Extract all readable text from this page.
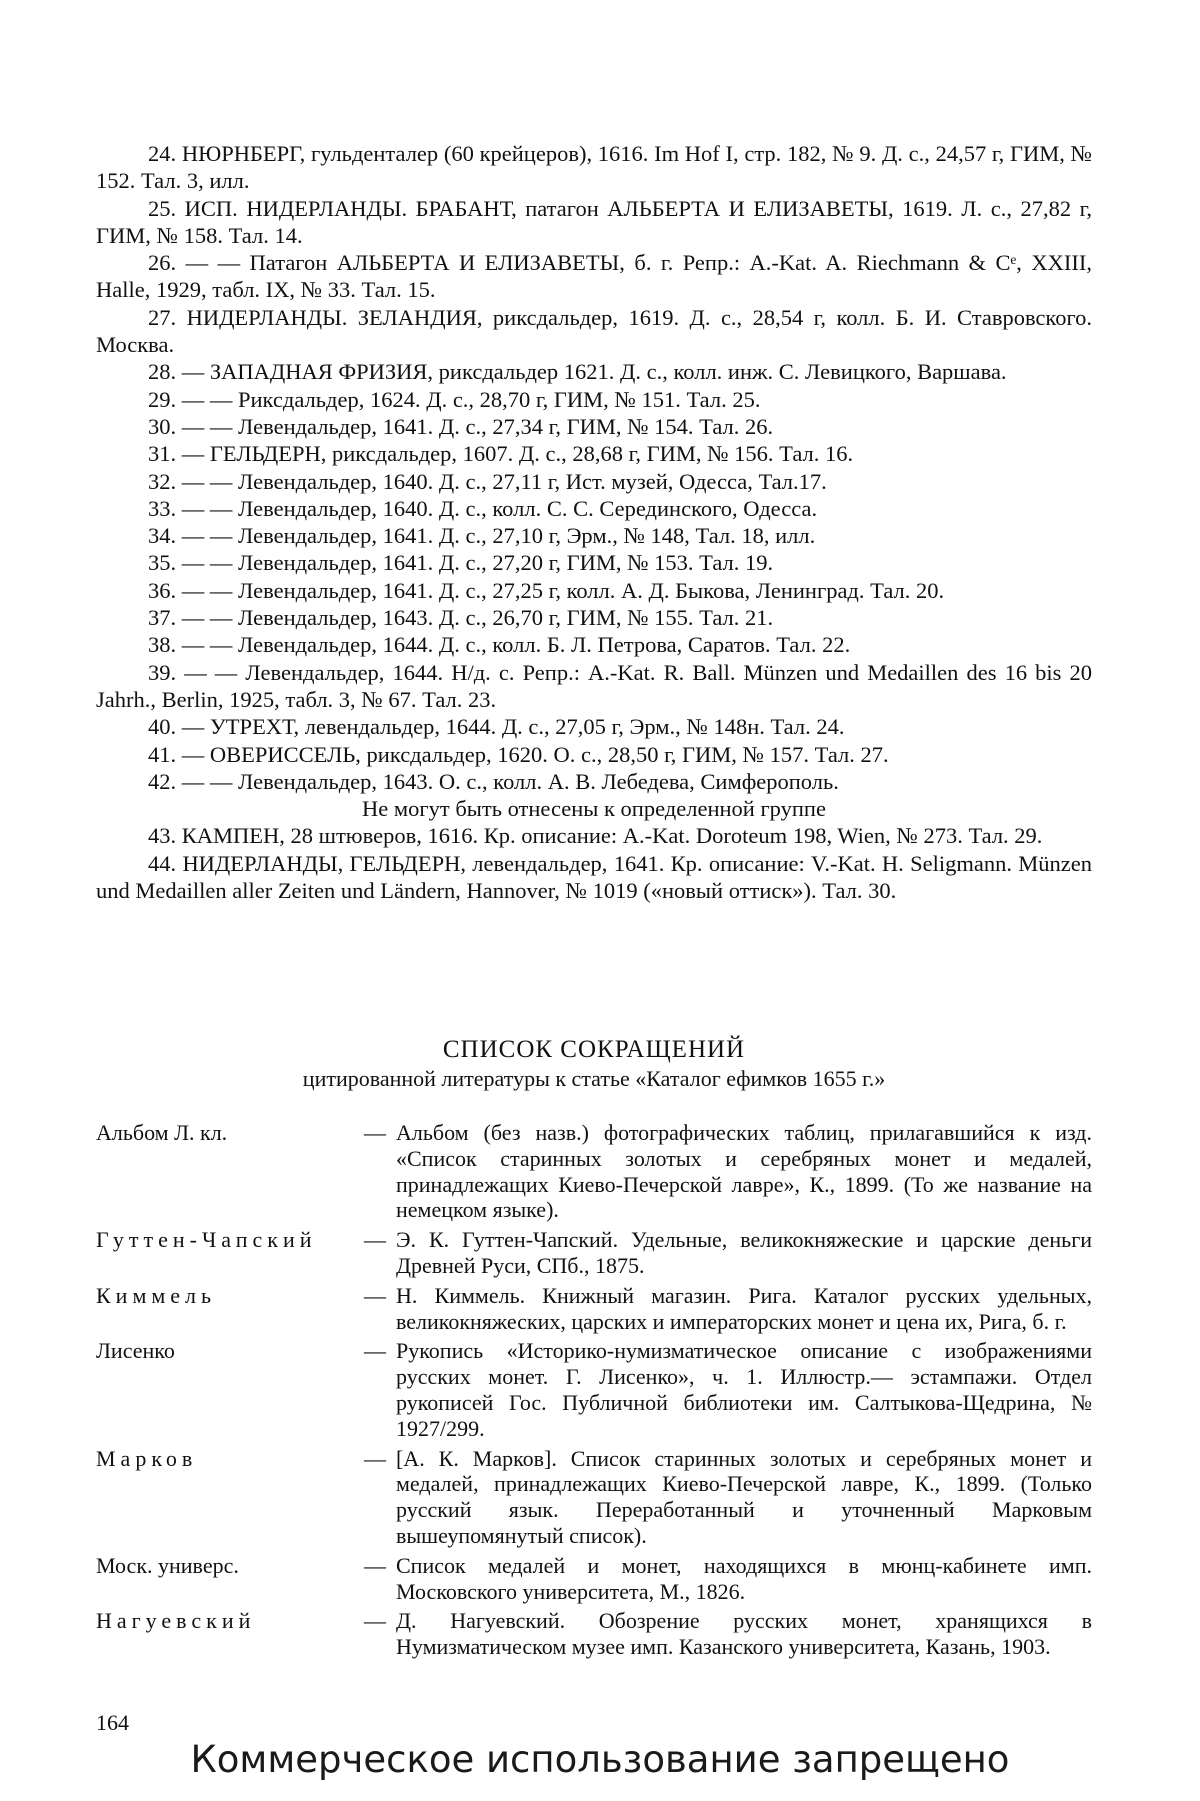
24. НЮРНБЕРГ, гульденталер (60 крейцеров), 1616. Im Hof I, стр. 182, № 9. Д. с., 24,57 г, ГИМ, № 152. Тал. 3, илл.
25. ИСП. НИДЕРЛАНДЫ. БРАБАНТ, патагон АЛЬБЕРТА И ЕЛИЗАВЕТЫ, 1619. Л. с., 27,82 г, ГИМ, № 158. Тал. 14.
26. — — Патагон АЛЬБЕРТА И ЕЛИЗАВЕТЫ, б. г. Репр.: A.-Kat. A. Riechmann & Cᵉ, XXIII, Halle, 1929, табл. IX, № 33. Тал. 15.
27. НИДЕРЛАНДЫ. ЗЕЛАНДИЯ, риксдальдер, 1619. Д. с., 28,54 г, колл. Б. И. Ставровского. Москва.
28. — ЗАПАДНАЯ ФРИЗИЯ, риксдальдер 1621. Д. с., колл. инж. С. Левицкого, Варшава.
29. — — Риксдальдер, 1624. Д. с., 28,70 г, ГИМ, № 151. Тал. 25.
30. — — Левендальдер, 1641. Д. с., 27,34 г, ГИМ, № 154. Тал. 26.
31. — ГЕЛЬДЕРН, риксдальдер, 1607. Д. с., 28,68 г, ГИМ, № 156. Тал. 16.
32. — — Левендальдер, 1640. Д. с., 27,11 г, Ист. музей, Одесса, Тал.17.
33. — — Левендальдер, 1640. Д. с., колл. С. С. Серединского, Одесса.
34. — — Левендальдер, 1641. Д. с., 27,10 г, Эрм., № 148, Тал. 18, илл.
35. — — Левендальдер, 1641. Д. с., 27,20 г, ГИМ, № 153. Тал. 19.
36. — — Левендальдер, 1641. Д. с., 27,25 г, колл. А. Д. Быкова, Ленинград. Тал. 20.
37. — — Левендальдер, 1643. Д. с., 26,70 г, ГИМ, № 155. Тал. 21.
38. — — Левендальдер, 1644. Д. с., колл. Б. Л. Петрова, Саратов. Тал. 22.
39. — — Левендальдер, 1644. Н/д. с. Репр.: A.-Kat. R. Ball. Münzen und Medaillen des 16 bis 20 Jahrh., Berlin, 1925, табл. 3, № 67. Тал. 23.
40. — УТРЕХТ, левендальдер, 1644. Д. с., 27,05 г, Эрм., № 148н. Тал. 24.
41. — ОВЕРИССЕЛЬ, риксдальдер, 1620. О. с., 28,50 г, ГИМ, № 157. Тал. 27.
42. — — Левендальдер, 1643. О. с., колл. А. В. Лебедева, Симферополь.
Не могут быть отнесены к определенной группе
43. КАМПЕН, 28 штюверов, 1616. Кр. описание: A.-Kat. Doroteum 198, Wien, № 273. Тал. 29.
44. НИДЕРЛАНДЫ, ГЕЛЬДЕРН, левендальдер, 1641. Кр. описание: V.-Kat. H. Seligmann. Münzen und Medaillen aller Zeiten und Ländern, Hannover, № 1019 («новый оттиск»). Тал. 30.
СПИСОК СОКРАЩЕНИЙ
цитированной литературы к статье «Каталог ефимков 1655 г.»
Альбом Л. кл.	— Альбом (без назв.) фотографических таблиц, прилагавшийся к изд. «Список старинных золотых и серебряных монет и медалей, принадлежащих Киево-Печерской лавре», К., 1899. (То же название на немецком языке).
Гуттен-Чапский	— Э. К. Гуттен-Чапский. Удельные, великокняжеские и царские деньги Древней Руси, СПб., 1875.
Киммель	— Н. Киммель. Книжный магазин. Рига. Каталог русских удельных, великокняжеских, царских и императорских монет и цена их, Рига, б. г.
Лисенко	— Рукопись «Историко-нумизматическое описание с изображениями русских монет. Г. Лисенко», ч. 1. Иллюстр.— эстампажи. Отдел рукописей Гос. Публичной библиотеки им. Салтыкова-Щедрина, № 1927/299.
Марков	— [А. К. Марков]. Список старинных золотых и серебряных монет и медалей, принадлежащих Киево-Печерской лавре, К., 1899. (Только русский язык. Переработанный и уточненный Марковым вышеупомянутый список).
Моск. универс.	— Список медалей и монет, находящихся в мюнц-кабинете имп. Московского университета, М., 1826.
Нагуевский	— Д. Нагуевский. Обозрение русских монет, хранящихся в Нумизматическом музее имп. Казанского университета, Казань, 1903.
164
Коммерческое использование запрещено
